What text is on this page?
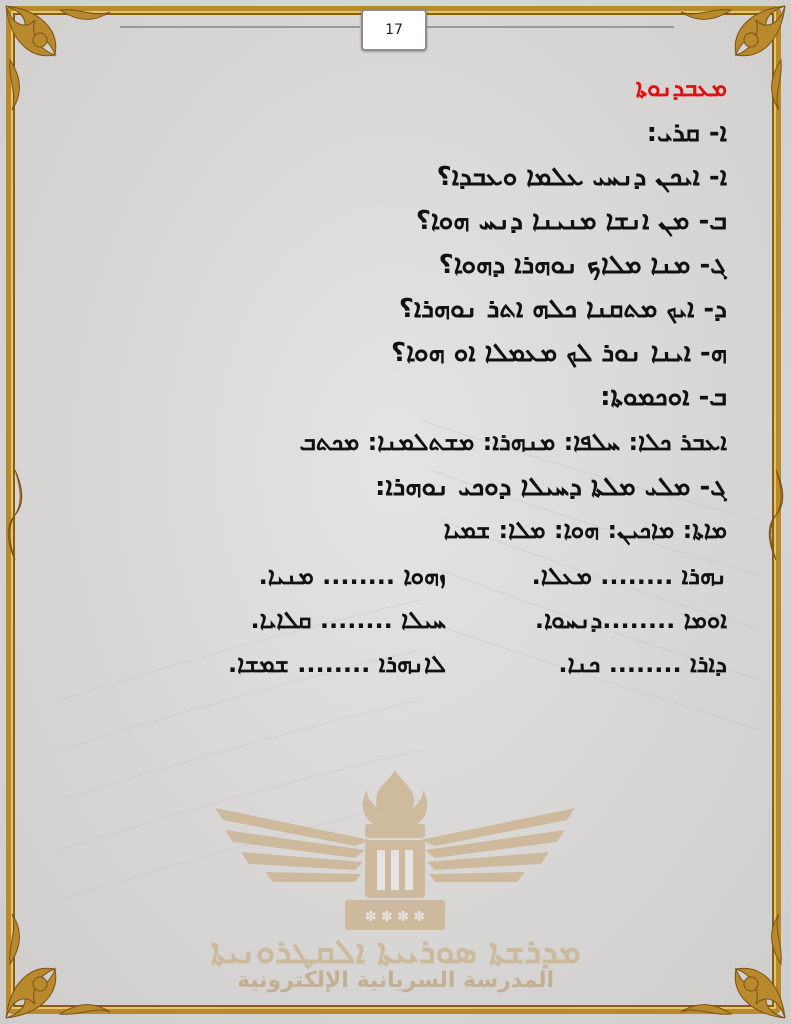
17
ܡܥܒܕܢܘܬܐ
ܐ- ܩܪܝ:
ܐ- ܐܝܟܢ ܕܢܚܝ ܥܠܡܐ ܘܥܒܕܐ؟
ܒ- ܡܢ ܐܢܫܐ ܡܢܝܢܐ ܕܢܚ ܗܘܐ؟
ܓ- ܡܢܐ ܡܠܐܟ ܢܘܗܪܐ ܕܗܘܐ؟
ܕ- ܐܝܟ ܡܬܩܢܐ ܟܠܗ ܐܬܪ ܢܘܗܪܐ؟
ܗ- ܐܝܢܐ ܢܘܪ ܠܟ ܡܥܡܠܐ ܐܘ ܗܘܐ؟
ܒ- ܐܘܟܡܘܬܐ:
ܐܥܒܪ ܟܠܐ: ܚܠܦܐ: ܡܢܗܪܐ: ܡܫܬܠܡܢܐ: ܡܟܬܒ
ܓ- ܡܠܝ ܡܠܬܐ ܕܚܝܠܐ ܕܘܟܝ ܢܘܗܪܐ:
ܡܐܬܐ: ܡܐܟܝܢ: ܗܘܐ: ܡܠܐ: ܫܡܝܐ
ܢܗܪܐ ........ ܡܥܠܐ.
ܙܗܘܐ ........ ܡܢܝܐ.
ܐܘܡܐ ........ܕܢܚܘܐ.
ܚܝܠܐ ........ ܩܠܐܝܐ.
ܕܐܪܐ ........ ܟܢܐ.
ܠܐܢܗܪܐ ........ ܫܡܫܐ.
✽ ✽ ✽ ✽
ܡܕܪܫܬܐ ܣܘܪܝܝܬܐ ܐܠܩܛܪܘܢܝܬܐ
المدرسة السريانية الإلكترونية
